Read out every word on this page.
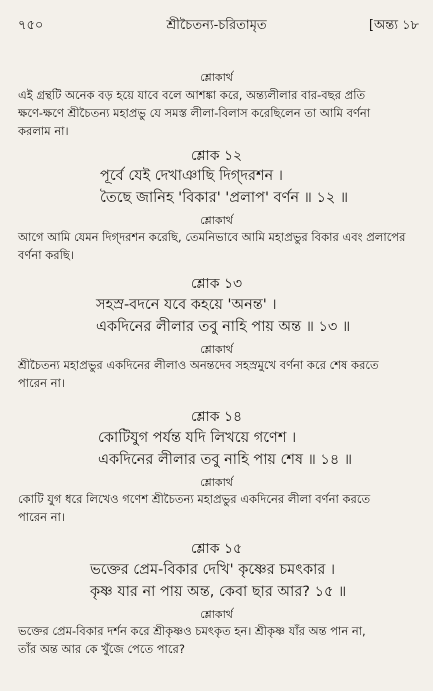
৭৫০	শ্রীচৈতন্য-চরিতামৃত	[অন্ত্য ১৮
শ্লোকার্থ
এই গ্রন্থটি অনেক বড় হয়ে যাবে বলে আশঙ্কা করে, অন্ত্যলীলার বার-বছর প্রতি
ক্ষণে-ক্ষণে শ্রীচৈতন্য মহাপ্রভু যে সমস্ত লীলা-বিলাস করেছিলেন তা আমি বর্ণনা
করলাম না।
শ্লোক ১২
পূর্বে যেই দেখাঞাছি দিগ্‌দরশন ।
তৈছে জানিহ 'বিকার' 'প্রলাপ' বর্ণন ॥ ১২ ॥
শ্লোকার্থ
আগে আমি যেমন দিগ্‌দরশন করেছি, তেমনিভাবে আমি মহাপ্রভুর বিকার এবং প্রলাপের
বর্ণনা করছি।
শ্লোক ১৩
সহস্র-বদনে যবে কহয়ে 'অনন্ত' ।
একদিনের লীলার তবু নাহি পায় অন্ত ॥ ১৩ ॥
শ্লোকার্থ
শ্রীচৈতন্য মহাপ্রভুর একদিনের লীলাও অনন্তদেব সহস্রমুখে বর্ণনা করে শেষ করতে
পারেন না।
শ্লোক ১৪
কোটিযুগ পর্যন্ত যদি লিখয়ে গণেশ ।
একদিনের লীলার তবু নাহি পায় শেষ ॥ ১৪ ॥
শ্লোকার্থ
কোটি যুগ ধরে লিখেও গণেশ শ্রীচৈতন্য মহাপ্রভুর একদিনের লীলা বর্ণনা করতে
পারেন না।
শ্লোক ১৫
ভক্তের প্রেম-বিকার দেখি' কৃষ্ণের চমৎকার ।
কৃষ্ণ যার না পায় অন্ত, কেবা ছার আর? ১৫ ॥
শ্লোকার্থ
ভক্তের প্রেম-বিকার দর্শন করে শ্রীকৃষ্ণও চমৎকৃত হন। শ্রীকৃষ্ণ যাঁর অন্ত পান না,
তাঁর অন্ত আর কে খুঁজে পেতে পারে?
